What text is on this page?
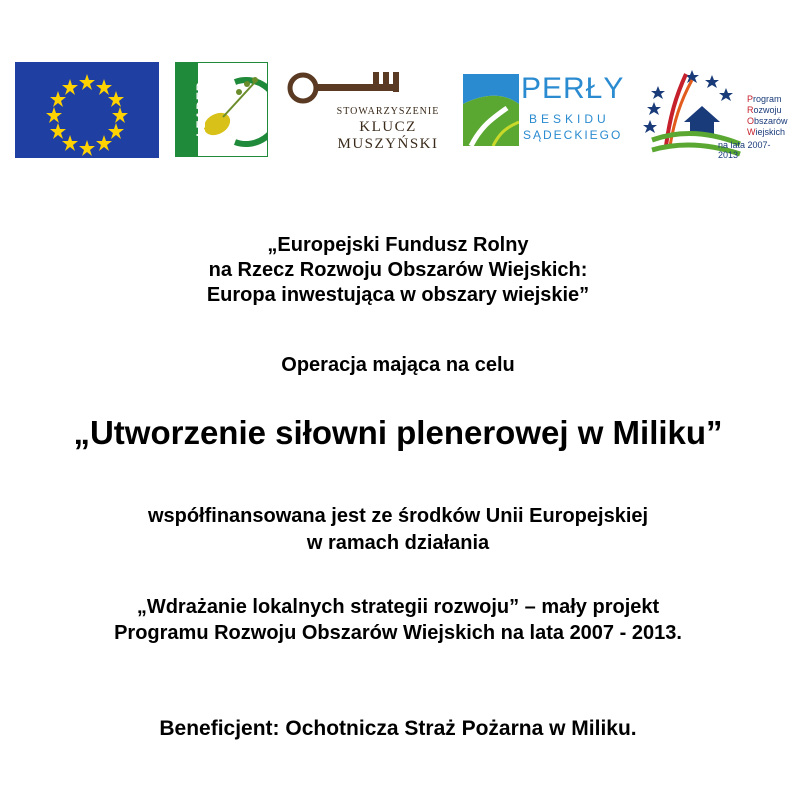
LEADER	STOWARZYSZENIE
KLUCZ
MUSZYŃSKI
PERŁY
BESKIDU
SĄDECKIEGO
Program
Rozwoju
Obszarów
Wiejskich
na lata 2007-2013
„Europejski Fundusz Rolny
na Rzecz Rozwoju Obszarów Wiejskich:
Europa inwestująca w obszary wiejskie”
Operacja mająca na celu
„Utworzenie siłowni plenerowej w Miliku”
współfinansowana jest ze środków Unii Europejskiej
w ramach działania
„Wdrażanie lokalnych strategii rozwoju” – mały projekt
Programu Rozwoju Obszarów Wiejskich na lata 2007 - 2013.
Beneficjent: Ochotnicza Straż Pożarna w Miliku.
